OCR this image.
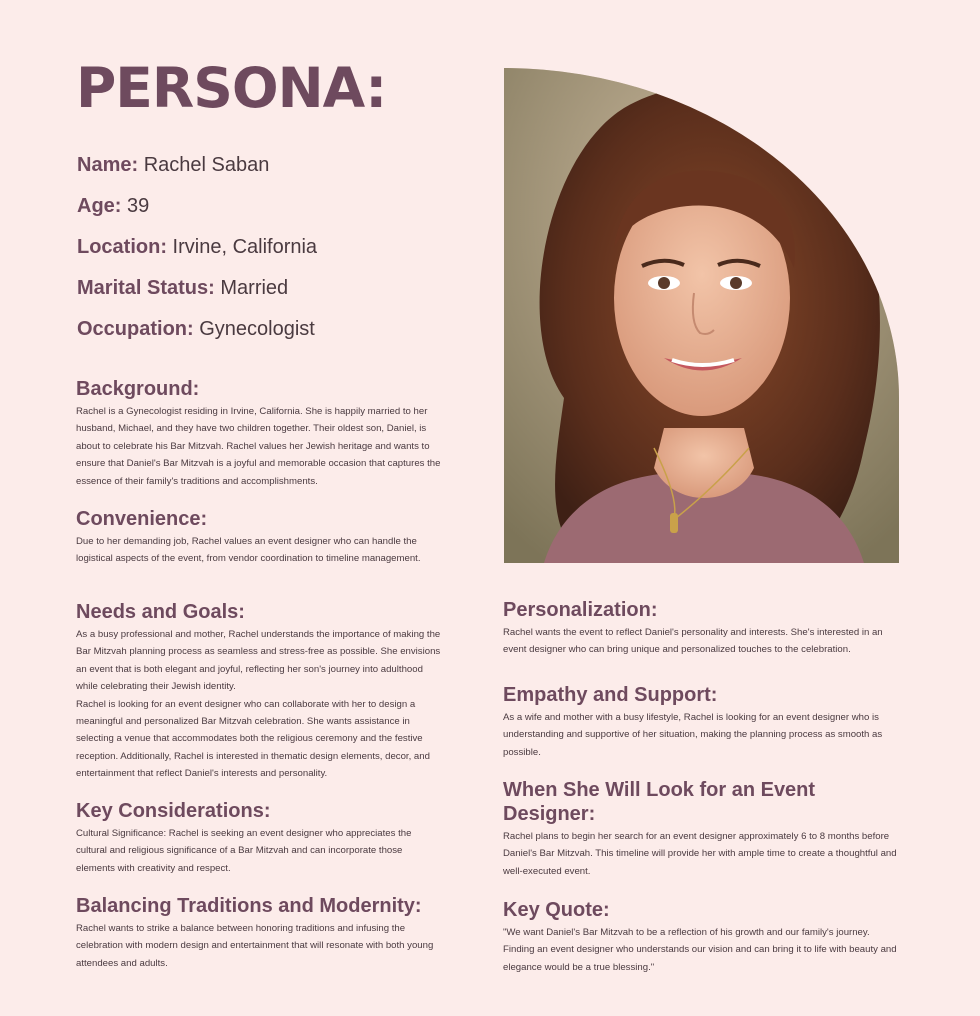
PERSONA:
Name: Rachel Saban
Age: 39
Location: Irvine, California
Marital Status: Married
Occupation: Gynecologist
Background:

Rachel is a Gynecologist residing in Irvine, California. She is happily married to her husband, Michael, and they have two children together. Their oldest son, Daniel, is about to celebrate his Bar Mitzvah. Rachel values her Jewish heritage and wants to ensure that Daniel's Bar Mitzvah is a joyful and memorable occasion that captures the essence of their family's traditions and accomplishments.

Convenience:

Due to her demanding job, Rachel values an event designer who can handle the logistical aspects of the event, from vendor coordination to timeline management.

Needs and Goals:

As a busy professional and mother, Rachel understands the importance of making the Bar Mitzvah planning process as seamless and stress-free as possible. She envisions an event that is both elegant and joyful, reflecting her son's journey into adulthood while celebrating their Jewish identity.

Rachel is looking for an event designer who can collaborate with her to design a meaningful and personalized Bar Mitzvah celebration. She wants assistance in selecting a venue that accommodates both the religious ceremony and the festive reception. Additionally, Rachel is interested in thematic design elements, decor, and entertainment that reflect Daniel's interests and personality.

Key Considerations:

Cultural Significance: Rachel is seeking an event designer who appreciates the cultural and religious significance of a Bar Mitzvah and can incorporate those elements with creativity and respect.

Balancing Traditions and Modernity:

Rachel wants to strike a balance between honoring traditions and infusing the celebration with modern design and entertainment that will resonate with both young attendees and adults.

Personalization:

Rachel wants the event to reflect Daniel's personality and interests. She's interested in an event designer who can bring unique and personalized touches to the celebration.

Empathy and Support:

As a wife and mother with a busy lifestyle, Rachel is looking for an event designer who is understanding and supportive of her situation, making the planning process as smooth as possible.

When She Will Look for an Event Designer:

Rachel plans to begin her search for an event designer approximately 6 to 8 months before Daniel's Bar Mitzvah. This timeline will provide her with ample time to create a thoughtful and well-executed event.

Key Quote:

"We want Daniel's Bar Mitzvah to be a reflection of his growth and our family's journey. Finding an event designer who understands our vision and can bring it to life with beauty and elegance would be a true blessing."
